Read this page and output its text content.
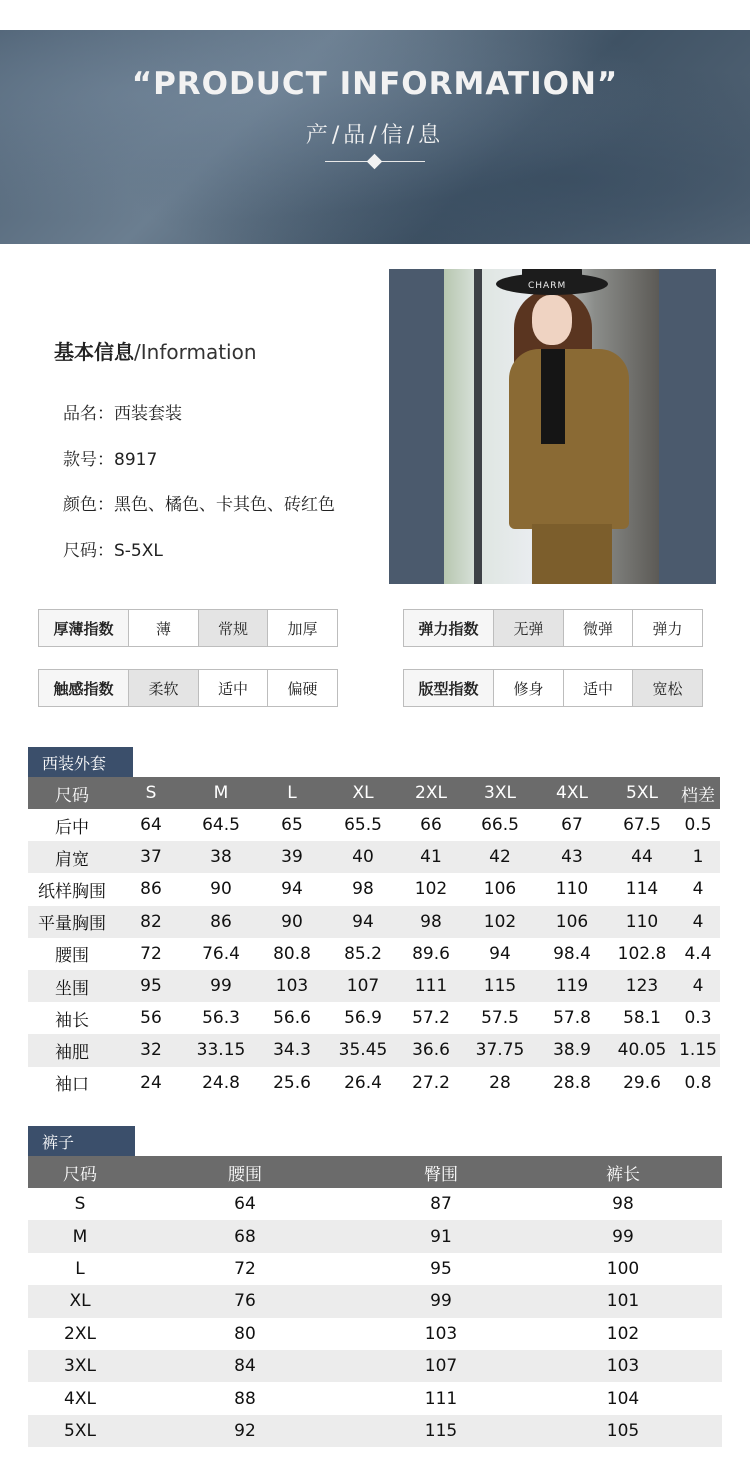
“PRODUCT INFORMATION”
产/品/信/息
基本信息/Information
品名：西装套装
款号：8917
颜色：黑色、橘色、卡其色、砖红色
尺码：S-5XL
CHARM
厚薄指数	薄	常规	加厚	弹力指数	无弹	微弹	弹力
触感指数	柔软	适中	偏硬	版型指数	修身	适中	宽松
西装外套
尺码	S	M	L	XL	2XL	3XL	4XL	5XL	档差
后中	64	64.5	65	65.5	66	66.5	67	67.5	0.5
肩宽	37	38	39	40	41	42	43	44	1
纸样胸围	86	90	94	98	102	106	110	114	4
平量胸围	82	86	90	94	98	102	106	110	4
腰围	72	76.4	80.8	85.2	89.6	94	98.4	102.8	4.4
坐围	95	99	103	107	111	115	119	123	4
袖长	56	56.3	56.6	56.9	57.2	57.5	57.8	58.1	0.3
袖肥	32	33.15	34.3	35.45	36.6	37.75	38.9	40.05	1.15
袖口	24	24.8	25.6	26.4	27.2	28	28.8	29.6	0.8
裤子
尺码	腰围	臀围	裤长
S	64	87	98
M	68	91	99
L	72	95	100
XL	76	99	101
2XL	80	103	102
3XL	84	107	103
4XL	88	111	104
5XL	92	115	105
